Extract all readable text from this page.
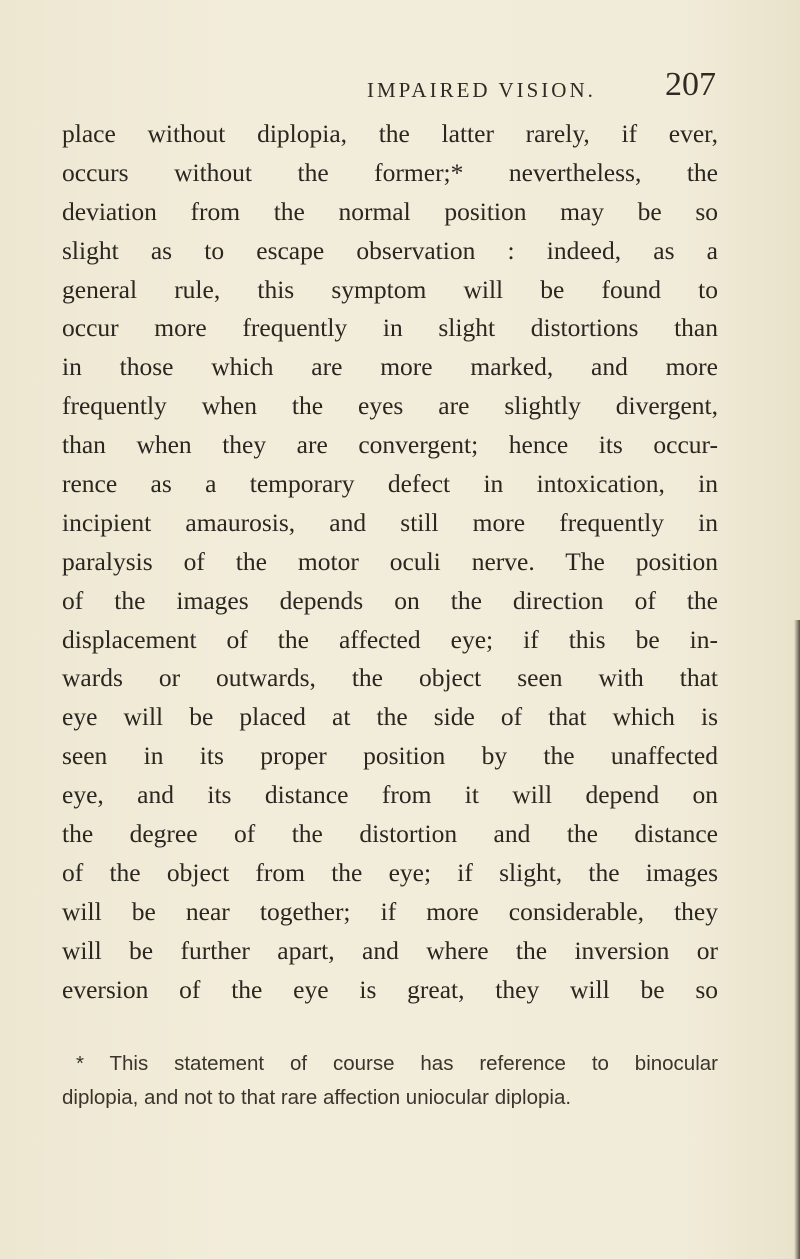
IMPAIRED VISION. 207
place without diplopia, the latter rarely, if ever,
occurs without the former;* nevertheless, the
deviation from the normal position may be so
slight as to escape observation : indeed, as a
general rule, this symptom will be found to
occur more frequently in slight distortions than
in those which are more marked, and more
frequently when the eyes are slightly divergent,
than when they are convergent; hence its occur-
rence as a temporary defect in intoxication, in
incipient amaurosis, and still more frequently in
paralysis of the motor oculi nerve. The position
of the images depends on the direction of the
displacement of the affected eye; if this be in-
wards or outwards, the object seen with that
eye will be placed at the side of that which is
seen in its proper position by the unaffected
eye, and its distance from it will depend on
the degree of the distortion and the distance
of the object from the eye; if slight, the images
will be near together; if more considerable, they
will be further apart, and where the inversion or
eversion of the eye is great, they will be so
* This statement of course has reference to binocular
diplopia, and not to that rare affection uniocular diplopia.
